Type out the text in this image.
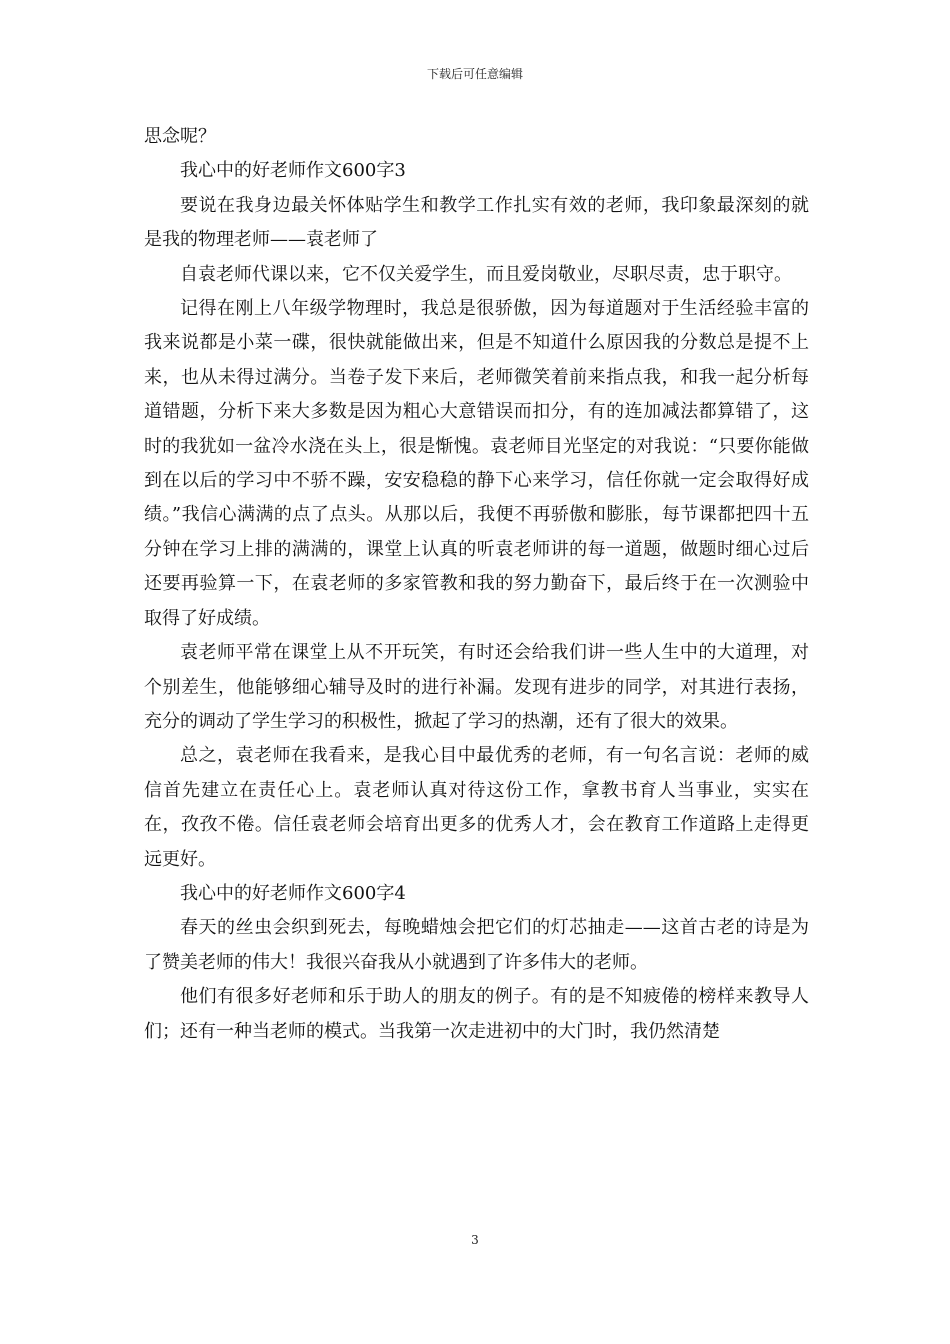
下载后可任意编辑

思念呢？

我心中的好老师作文600字3

要说在我身边最关怀体贴学生和教学工作扎实有效的老师，我印象最深刻的就是我的物理老师——袁老师了

自袁老师代课以来，它不仅关爱学生，而且爱岗敬业，尽职尽责，忠于职守。

记得在刚上八年级学物理时，我总是很骄傲，因为每道题对于生活经验丰富的我来说都是小菜一碟，很快就能做出来，但是不知道什么原因我的分数总是提不上来，也从未得过满分。当卷子发下来后，老师微笑着前来指点我，和我一起分析每道错题，分析下来大多数是因为粗心大意错误而扣分，有的连加减法都算错了，这时的我犹如一盆冷水浇在头上，很是惭愧。袁老师目光坚定的对我说：“只要你能做到在以后的学习中不骄不躁，安安稳稳的静下心来学习，信任你就一定会取得好成绩。”我信心满满的点了点头。从那以后，我便不再骄傲和膨胀，每节课都把四十五分钟在学习上排的满满的，课堂上认真的听袁老师讲的每一道题，做题时细心过后还要再验算一下，在袁老师的多家管教和我的努力勤奋下，最后终于在一次测验中取得了好成绩。

袁老师平常在课堂上从不开玩笑，有时还会给我们讲一些人生中的大道理，对个别差生，他能够细心辅导及时的进行补漏。发现有进步的同学，对其进行表扬，充分的调动了学生学习的积极性，掀起了学习的热潮，还有了很大的效果。

总之，袁老师在我看来，是我心目中最优秀的老师，有一句名言说：老师的威信首先建立在责任心上。袁老师认真对待这份工作，拿教书育人当事业，实实在在，孜孜不倦。信任袁老师会培育出更多的优秀人才，会在教育工作道路上走得更远更好。

我心中的好老师作文600字4

春天的丝虫会织到死去，每晚蜡烛会把它们的灯芯抽走——这首古老的诗是为了赞美老师的伟大！我很兴奋我从小就遇到了许多伟大的老师。

他们有很多好老师和乐于助人的朋友的例子。有的是不知疲倦的榜样来教导人们；还有一种当老师的模式。当我第一次走进初中的大门时，我仍然清楚

3
